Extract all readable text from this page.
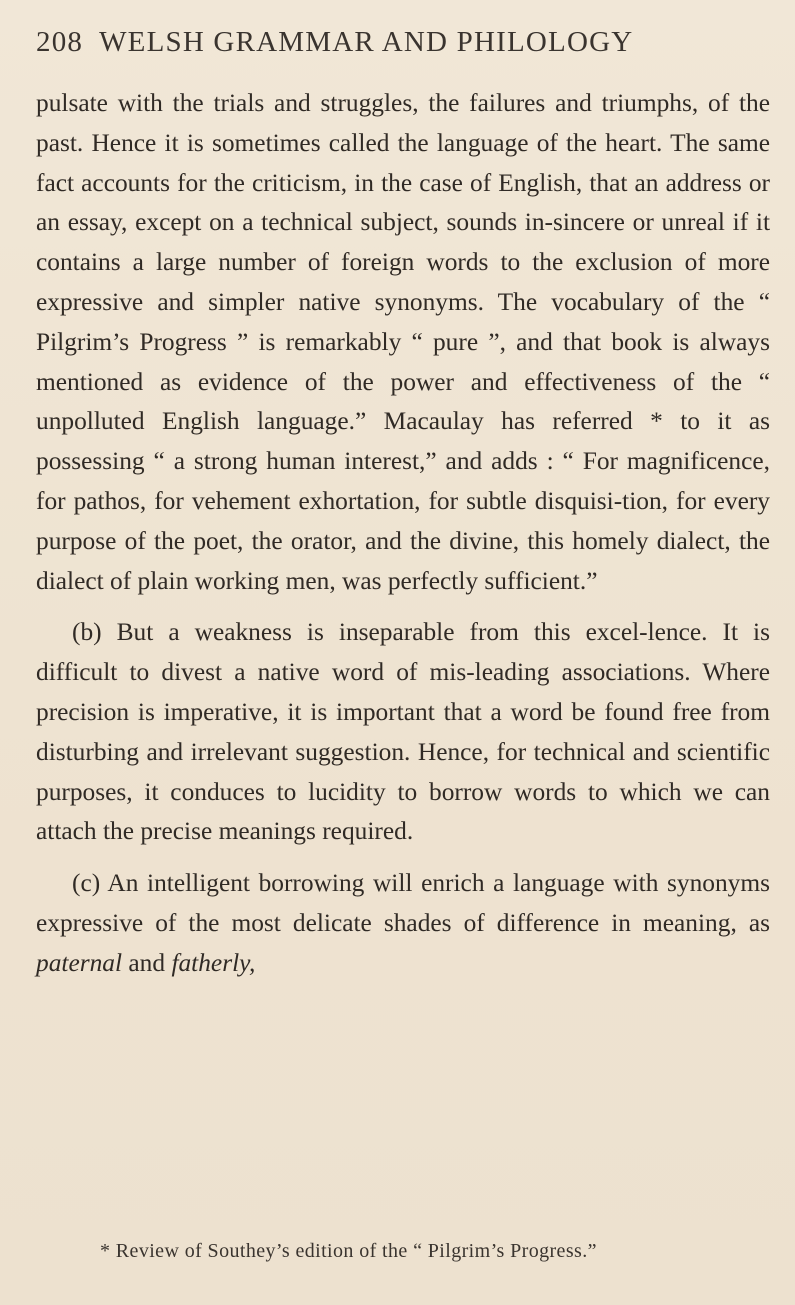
208 WELSH GRAMMAR AND PHILOLOGY

pulsate with the trials and struggles, the failures and triumphs, of the past. Hence it is sometimes called the language of the heart. The same fact accounts for the criticism, in the case of English, that an address or an essay, except on a technical subject, sounds in-sincere or unreal if it contains a large number of foreign words to the exclusion of more expressive and simpler native synonyms. The vocabulary of the “ Pilgrim’s Progress ” is remarkably “ pure ”, and that book is always mentioned as evidence of the power and effectiveness of the “ unpolluted English language.” Macaulay has referred * to it as possessing “ a strong human interest,” and adds : “ For magnificence, for pathos, for vehement exhortation, for subtle disquisi-tion, for every purpose of the poet, the orator, and the divine, this homely dialect, the dialect of plain working men, was perfectly sufficient.”

(b) But a weakness is inseparable from this excel-lence. It is difficult to divest a native word of mis-leading associations. Where precision is imperative, it is important that a word be found free from disturbing and irrelevant suggestion. Hence, for technical and scientific purposes, it conduces to lucidity to borrow words to which we can attach the precise meanings required.

(c) An intelligent borrowing will enrich a language with synonyms expressive of the most delicate shades of difference in meaning, as paternal and fatherly,

* Review of Southey’s edition of the “ Pilgrim’s Progress.”
